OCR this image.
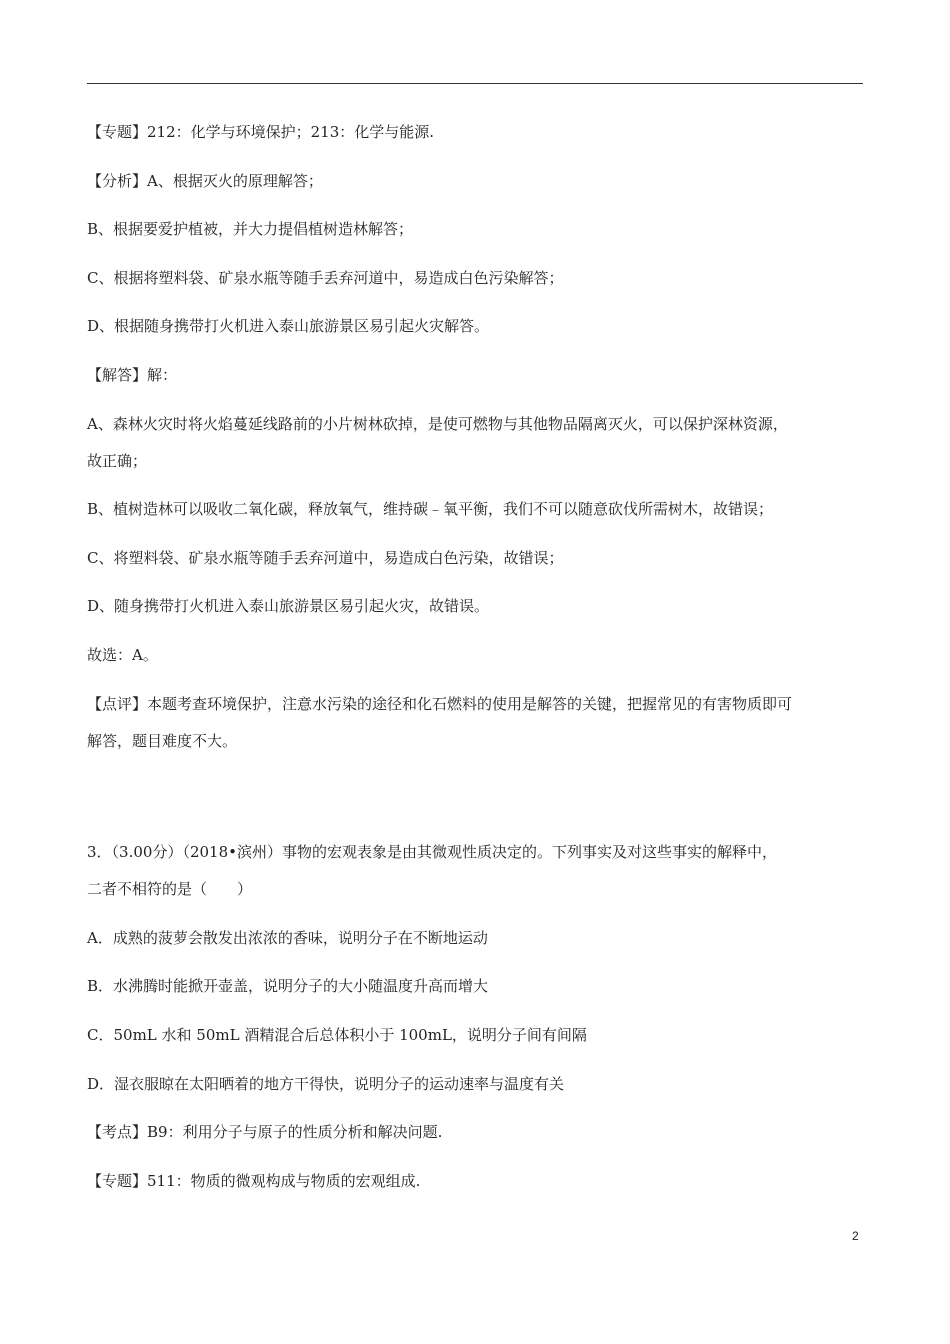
【专题】212：化学与环境保护；213：化学与能源.
【分析】A、根据灭火的原理解答；
B、根据要爱护植被，并大力提倡植树造林解答；
C、根据将塑料袋、矿泉水瓶等随手丢弃河道中，易造成白色污染解答；
D、根据随身携带打火机进入泰山旅游景区易引起火灾解答。
【解答】解：
A、森林火灾时将火焰蔓延线路前的小片树林砍掉，是使可燃物与其他物品隔离灭火，可以保护深林资源，
故正确；
B、植树造林可以吸收二氧化碳，释放氧气，维持碳﹣氧平衡，我们不可以随意砍伐所需树木，故错误；
C、将塑料袋、矿泉水瓶等随手丢弃河道中，易造成白色污染，故错误；
D、随身携带打火机进入泰山旅游景区易引起火灾，故错误。
故选：A。
【点评】本题考查环境保护，注意水污染的途径和化石燃料的使用是解答的关键，把握常见的有害物质即可
解答，题目难度不大。
3．（3.00分）（2018•滨州）事物的宏观表象是由其微观性质决定的。下列事实及对这些事实的解释中，
二者不相符的是（　　）
A．成熟的菠萝会散发出浓浓的香味，说明分子在不断地运动
B．水沸腾时能掀开壶盖，说明分子的大小随温度升高而增大
C．50mL 水和 50mL 酒精混合后总体积小于 100mL，说明分子间有间隔
D．湿衣服晾在太阳晒着的地方干得快，说明分子的运动速率与温度有关
【考点】B9：利用分子与原子的性质分析和解决问题.
【专题】511：物质的微观构成与物质的宏观组成.
2
